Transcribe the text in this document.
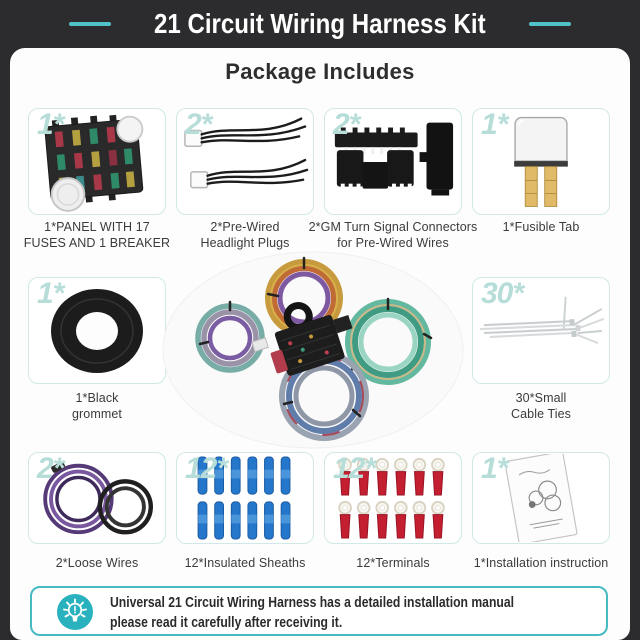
21 Circuit Wiring Harness Kit
Package Includes
1*
1*PANEL WITH 17
FUSES AND 1 BREAKER
2*
2*Pre-Wired
Headlight Plugs
2*
2*GM Turn Signal Connectors
for Pre-Wired Wires
1*
1*Fusible Tab
1*
1*Black
grommet
30*
30*Small
Cable Ties
2*
2*Loose Wires
12*
12*Insulated Sheaths
12*
12*Terminals
1*
1*Installation instruction
Universal 21 Circuit Wiring Harness has a detailed installation manual
please read it carefully after receiving it.
